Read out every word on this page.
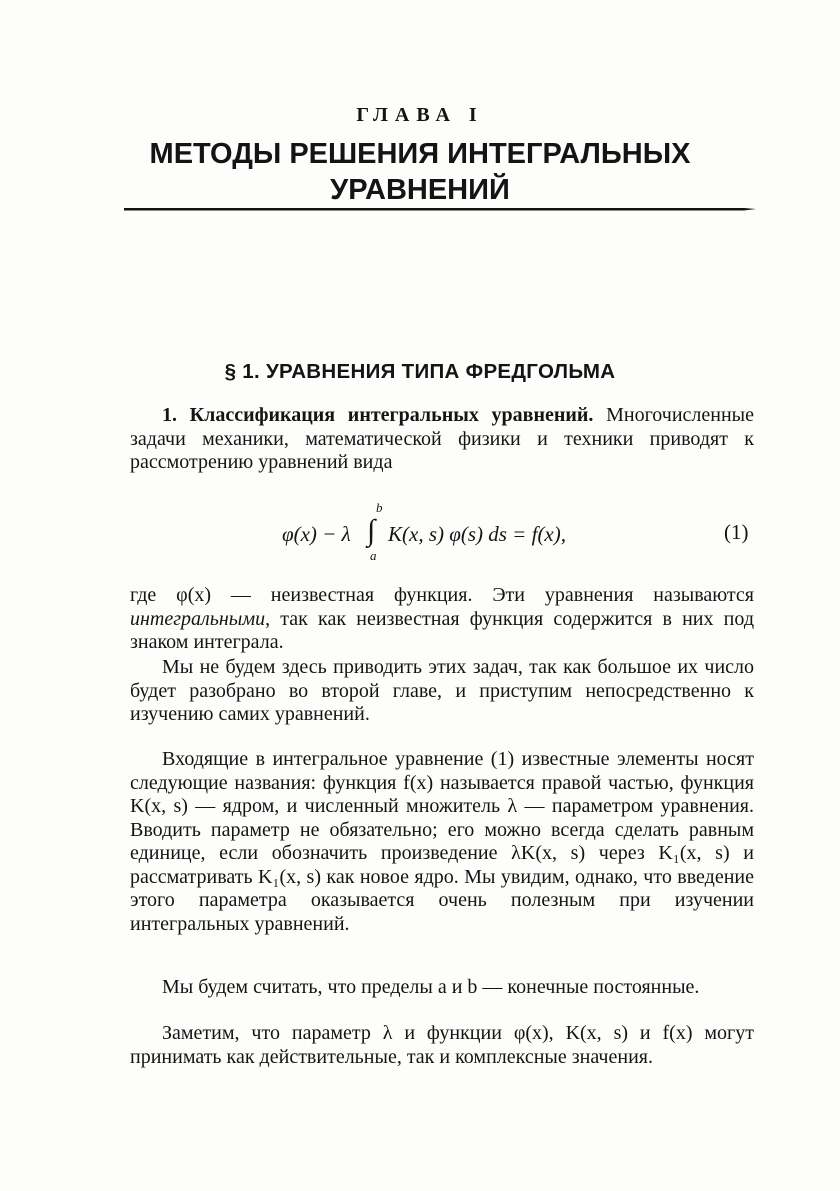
ГЛАВА I
МЕТОДЫ РЕШЕНИЯ ИНТЕГРАЛЬНЫХ
УРАВНЕНИЙ
§ 1. УРАВНЕНИЯ ТИПА ФРЕДГОЛЬМА
1. Классификация интегральных уравнений. Многочисленные задачи механики, математической физики и техники приводят к рассмотрению уравнений вида
φ(x) − λ
b
∫
a
K(x, s) φ(s) ds = f(x),	(1)
где φ(x) — неизвестная функция. Эти уравнения называются интегральными, так как неизвестная функция содержится в них под знаком интеграла.
Мы не будем здесь приводить этих задач, так как большое их число будет разобрано во второй главе, и приступим непосредственно к изучению самих уравнений.
Входящие в интегральное уравнение (1) известные элементы носят следующие названия: функция f(x) называется правой частью, функция K(x, s) — ядром, и численный множитель λ — параметром уравнения. Вводить параметр не обязательно; его можно всегда сделать равным единице, если обозначить произведение λK(x, s) через K₁(x, s) и рассматривать K₁(x, s) как новое ядро. Мы увидим, однако, что введение этого параметра оказывается очень полезным при изучении интегральных уравнений.
Мы будем считать, что пределы a и b — конечные постоянные.
Заметим, что параметр λ и функции φ(x), K(x, s) и f(x) могут принимать как действительные, так и комплексные значения.
